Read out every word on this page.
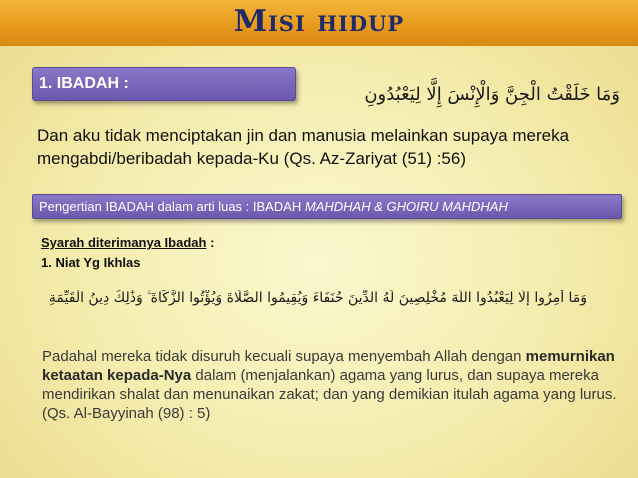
Misi hidup
1. IBADAH :
وَمَا خَلَقْتُ الْجِنَّ وَالْإِنْسَ إِلَّا لِيَعْبُدُونِ
Dan aku tidak menciptakan jin dan manusia melainkan supaya mereka mengabdi/beribadah kepada-Ku (Qs. Az-Zariyat (51) :56)
Pengertian IBADAH dalam arti luas : IBADAH MAHDHAH & GHOIRU MAHDHAH
Syarah diterimanya Ibadah :
1. Niat Yg Ikhlas
وَمَا أُمِرُوا إِلَّا لِيَعْبُدُوا اللَّهَ مُخْلِصِينَ لَهُ الدِّينَ حُنَفَاءَ وَيُقِيمُوا الصَّلَاةَ وَيُؤْتُوا الزَّكَاةَ ۚ وَذَٰلِكَ دِينُ الْقَيِّمَةِ
Padahal mereka tidak disuruh kecuali supaya menyembah Allah dengan memurnikan ketaatan kepada-Nya dalam (menjalankan) agama yang lurus, dan supaya mereka mendirikan shalat dan menunaikan zakat; dan yang demikian itulah agama yang lurus. (Qs. Al-Bayyinah (98) : 5)
